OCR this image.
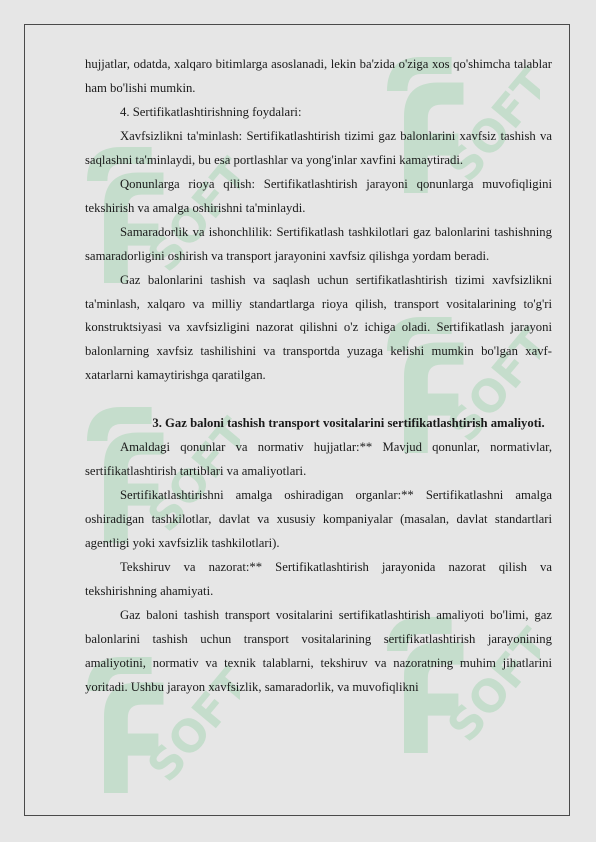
SOFT
SOFT
SOFT
SOFT
SOFT	SOFT

hujjatlar, odatda, xalqaro bitimlarga asoslanadi, lekin ba'zida o'ziga xos qo'shimcha talablar ham bo'lishi mumkin.

4. Sertifikatlashtirishning foydalari:

Xavfsizlikni ta'minlash: Sertifikatlashtirish tizimi gaz balonlarini xavfsiz tashish va saqlashni ta'minlaydi, bu esa portlashlar va yong'inlar xavfini kamaytiradi.

Qonunlarga rioya qilish: Sertifikatlashtirish jarayoni qonunlarga muvofiqligini tekshirish va amalga oshirishni ta'minlaydi.

Samaradorlik va ishonchlilik: Sertifikatlash tashkilotlari gaz balonlarini tashishning samaradorligini oshirish va transport jarayonini xavfsiz qilishga yordam beradi.

Gaz balonlarini tashish va saqlash uchun sertifikatlashtirish tizimi xavfsizlikni ta'minlash, xalqaro va milliy standartlarga rioya qilish, transport vositalarining to'g'ri konstruktsiyasi va xavfsizligini nazorat qilishni o'z ichiga oladi. Sertifikatlash jarayoni balonlarning xavfsiz tashilishini va transportda yuzaga kelishi mumkin bo'lgan xavf-xatarlarni kamaytirishga qaratilgan.

3. Gaz baloni tashish transport vositalarini sertifikatlashtirish amaliyoti.

Amaldagi qonunlar va normativ hujjatlar:** Mavjud qonunlar, normativlar, sertifikatlashtirish tartiblari va amaliyotlari.

Sertifikatlashtirishni amalga oshiradigan organlar:** Sertifikatlashni amalga oshiradigan tashkilotlar, davlat va xususiy kompaniyalar (masalan, davlat standartlari agentligi yoki xavfsizlik tashkilotlari).

Tekshiruv va nazorat:** Sertifikatlashtirish jarayonida nazorat qilish va tekshirishning ahamiyati.

Gaz baloni tashish transport vositalarini sertifikatlashtirish amaliyoti bo'limi, gaz balonlarini tashish uchun transport vositalarining sertifikatlashtirish jarayonining amaliyotini, normativ va texnik talablarni, tekshiruv va nazoratning muhim jihatlarini yoritadi. Ushbu jarayon xavfsizlik, samaradorlik, va muvofiqlikni
